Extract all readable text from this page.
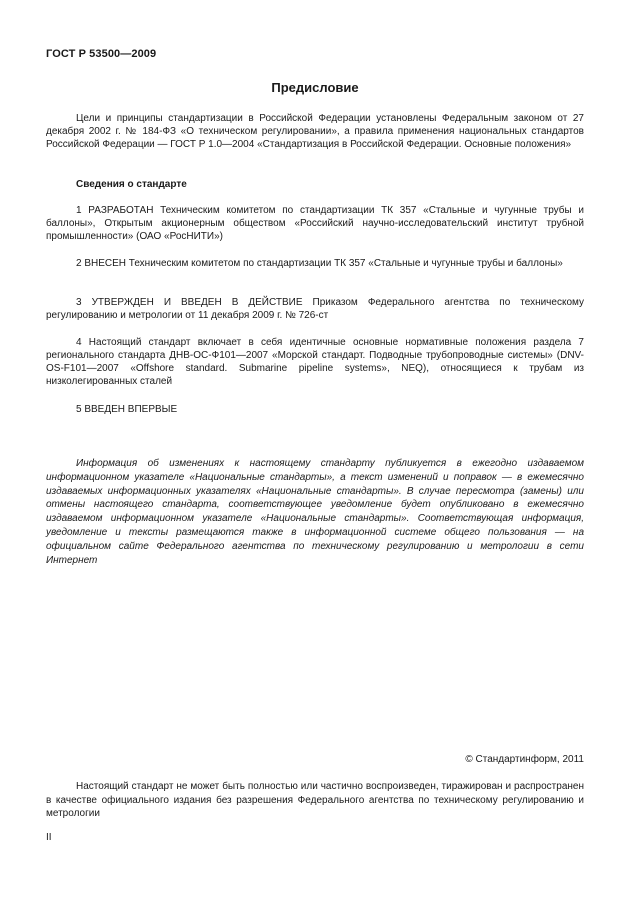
ГОСТ Р 53500—2009
Предисловие
Цели и принципы стандартизации в Российской Федерации установлены Федеральным законом от 27 декабря 2002 г. № 184-ФЗ «О техническом регулировании», а правила применения национальных стандартов Российской Федерации — ГОСТ Р 1.0—2004 «Стандартизация в Российской Федерации. Основные положения»
Сведения о стандарте
1 РАЗРАБОТАН Техническим комитетом по стандартизации ТК 357 «Стальные и чугунные трубы и баллоны», Открытым акционерным обществом «Российский научно-исследовательский институт трубной промышленности» (ОАО «РосНИТИ»)
2 ВНЕСЕН Техническим комитетом по стандартизации ТК 357 «Стальные и чугунные трубы и баллоны»
3 УТВЕРЖДЕН И ВВЕДЕН В ДЕЙСТВИЕ Приказом Федерального агентства по техническому регулированию и метрологии от 11 декабря 2009 г. № 726-ст
4 Настоящий стандарт включает в себя идентичные основные нормативные положения раздела 7 регионального стандарта ДНВ-ОС-Ф101—2007 «Морской стандарт. Подводные трубопроводные системы» (DNV-OS-F101—2007 «Offshore standard. Submarine pipeline systems», NEQ), относящиеся к трубам из низколегированных сталей
5 ВВЕДЕН ВПЕРВЫЕ
Информация об изменениях к настоящему стандарту публикуется в ежегодно издаваемом информационном указателе «Национальные стандарты», а текст изменений и поправок — в ежемесячно издаваемых информационных указателях «Национальные стандарты». В случае пересмотра (замены) или отмены настоящего стандарта, соответствующее уведомление будет опубликовано в ежемесячно издаваемом информационном указателе «Национальные стандарты». Соответствующая информация, уведомление и тексты размещаются также в информационной системе общего пользования — на официальном сайте Федерального агентства по техническому регулированию и метрологии в сети Интернет
© Стандартинформ, 2011
Настоящий стандарт не может быть полностью или частично воспроизведен, тиражирован и распространен в качестве официального издания без разрешения Федерального агентства по техническому регулированию и метрологии
II
